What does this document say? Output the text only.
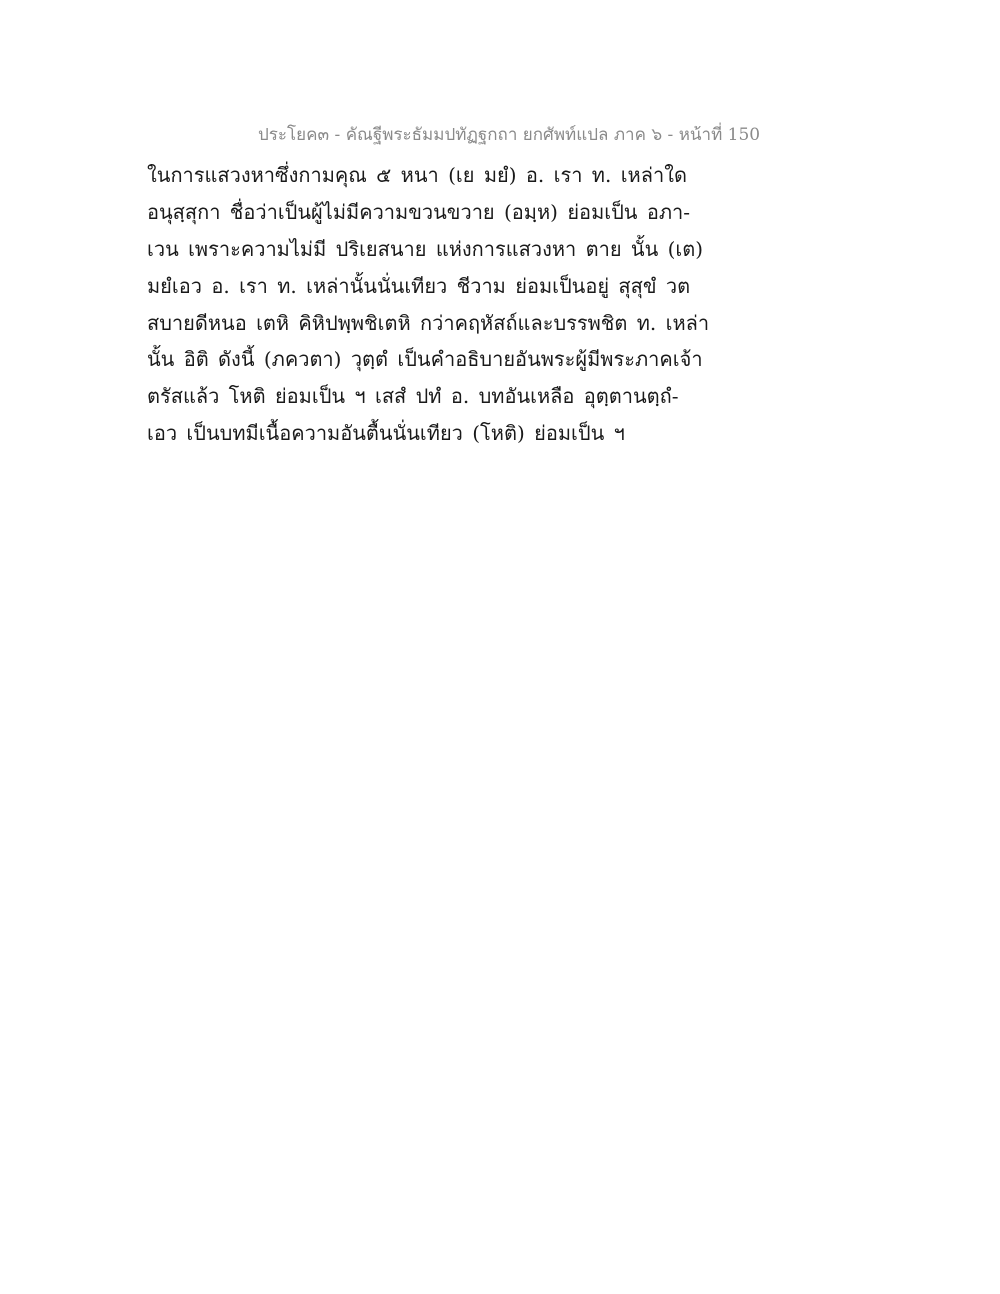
ประโยค๓ - คัณฐีพระธัมมปทัฏฐกถา ยกศัพท์แปล ภาค ๖ - หน้าที่ 150
ในการแสวงหาซึ่งกามคุณ ๕ หนา (เย มยํ) อ. เรา ท. เหล่าใด
อนุสฺสุกา ชื่อว่าเป็นผู้ไม่มีความขวนขวาย (อมฺห) ย่อมเป็น อภา-
เวน เพราะความไม่มี ปริเยสนาย แห่งการแสวงหา ตาย นั้น (เต)
มยํเอว อ. เรา ท. เหล่านั้นนั่นเทียว ชีวาม ย่อมเป็นอยู่ สุสุขํ วต
สบายดีหนอ เตหิ คิหิปพฺพชิเตหิ กว่าคฤหัสถ์และบรรพชิต ท. เหล่า
นั้น อิติ ดังนี้ (ภควตา) วุตฺตํ เป็นคำอธิบายอันพระผู้มีพระภาคเจ้า
ตรัสแล้ว โหติ ย่อมเป็น ฯ เสสํ ปทํ อ. บทอันเหลือ อุตฺตานตฺถํ-
เอว เป็นบทมีเนื้อความอันตื้นนั่นเทียว (โหติ) ย่อมเป็น ฯ
